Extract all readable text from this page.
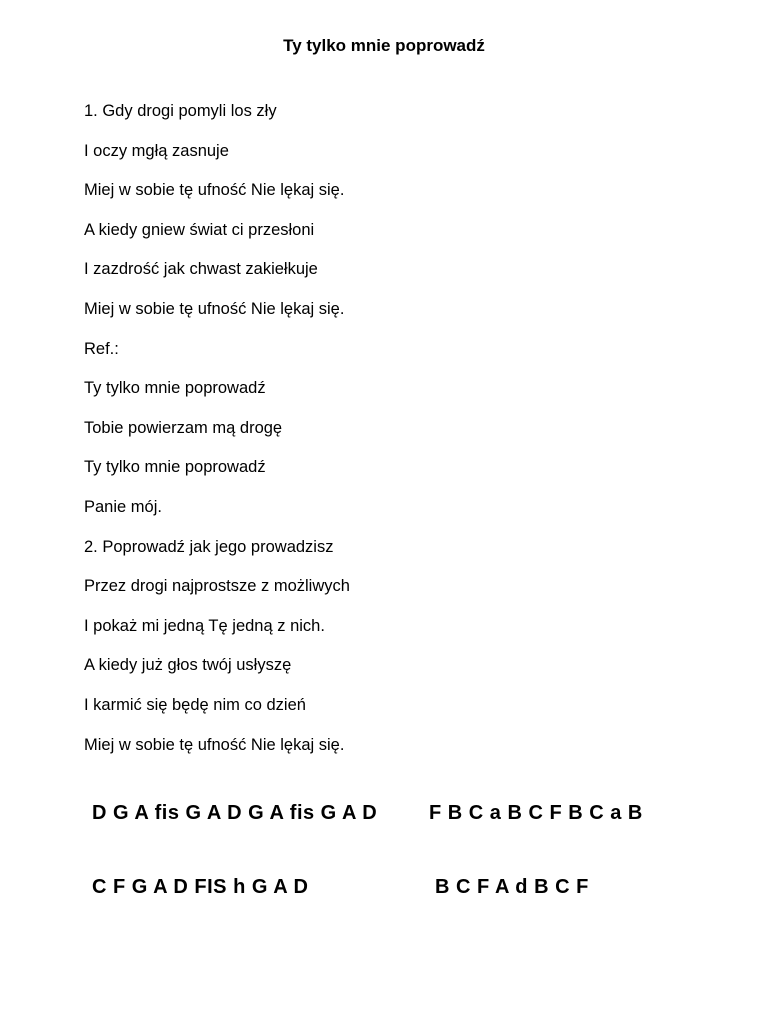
Ty tylko mnie poprowadź
1. Gdy drogi pomyli los zły
I oczy mgłą zasnuje
Miej w sobie tę ufność Nie lękaj się.
A kiedy gniew świat ci przesłoni
I zazdrość jak chwast zakiełkuje
Miej w sobie tę ufność Nie lękaj się.
Ref.:
Ty tylko mnie poprowadź
Tobie powierzam mą drogę
Ty tylko mnie poprowadź
Panie mój.
2. Poprowadź jak jego prowadzisz
Przez drogi najprostsze z możliwych
I pokaż mi jedną Tę jedną z nich.
A kiedy już głos twój usłyszę
I karmić się będę nim co dzień
Miej w sobie tę ufność Nie lękaj się.
D G A fis G A D G A fis G A D	F B C a B C F B C a B
C F G A D FIS h G A D	B C F A d B C F
